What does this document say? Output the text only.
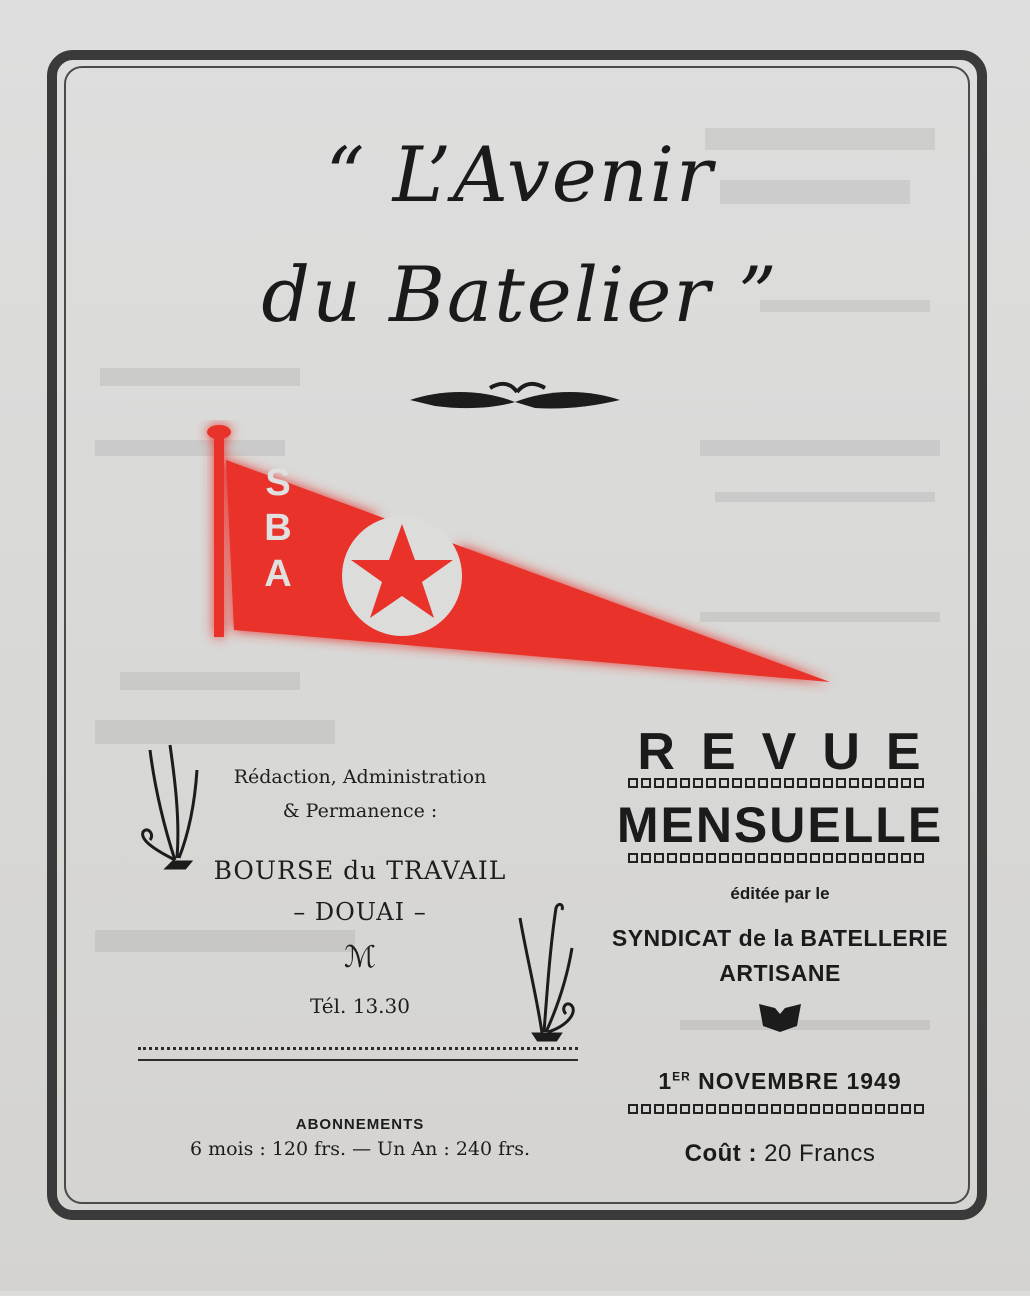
“ L’Avenir
du Batelier ”
S
B
A
Rédaction, Administration
& Permanence :
BOURSE du TRAVAIL
– DOUAI –
ℳ
Tél. 13.30
ABONNEMENTS
6 mois : 120 frs. — Un An : 240 frs.
REVUE
MENSUELLE
éditée par le
SYNDICAT de la BATELLERIE
ARTISANE
1ER NOVEMBRE 1949
Coût : 20 Francs
